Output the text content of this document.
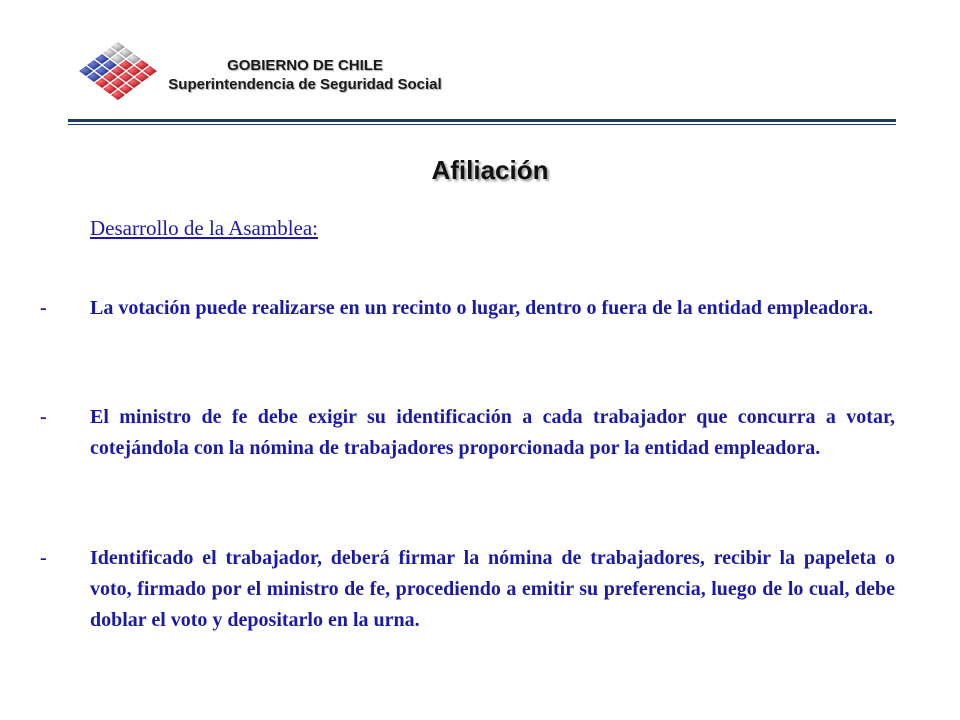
GOBIERNO DE CHILE
Superintendencia de Seguridad Social
Afiliación
Desarrollo de la Asamblea:
-	La votación puede realizarse en un recinto o lugar, dentro o fuera de la entidad empleadora.
-	El ministro de fe debe exigir su identificación a cada trabajador que concurra a votar, cotejándola con la nómina de trabajadores proporcionada por la entidad empleadora.
-	Identificado el trabajador, deberá firmar la nómina de trabajadores, recibir la papeleta o voto, firmado por el ministro de fe, procediendo a emitir su preferencia, luego de lo cual, debe doblar el voto y depositarlo en la urna.
